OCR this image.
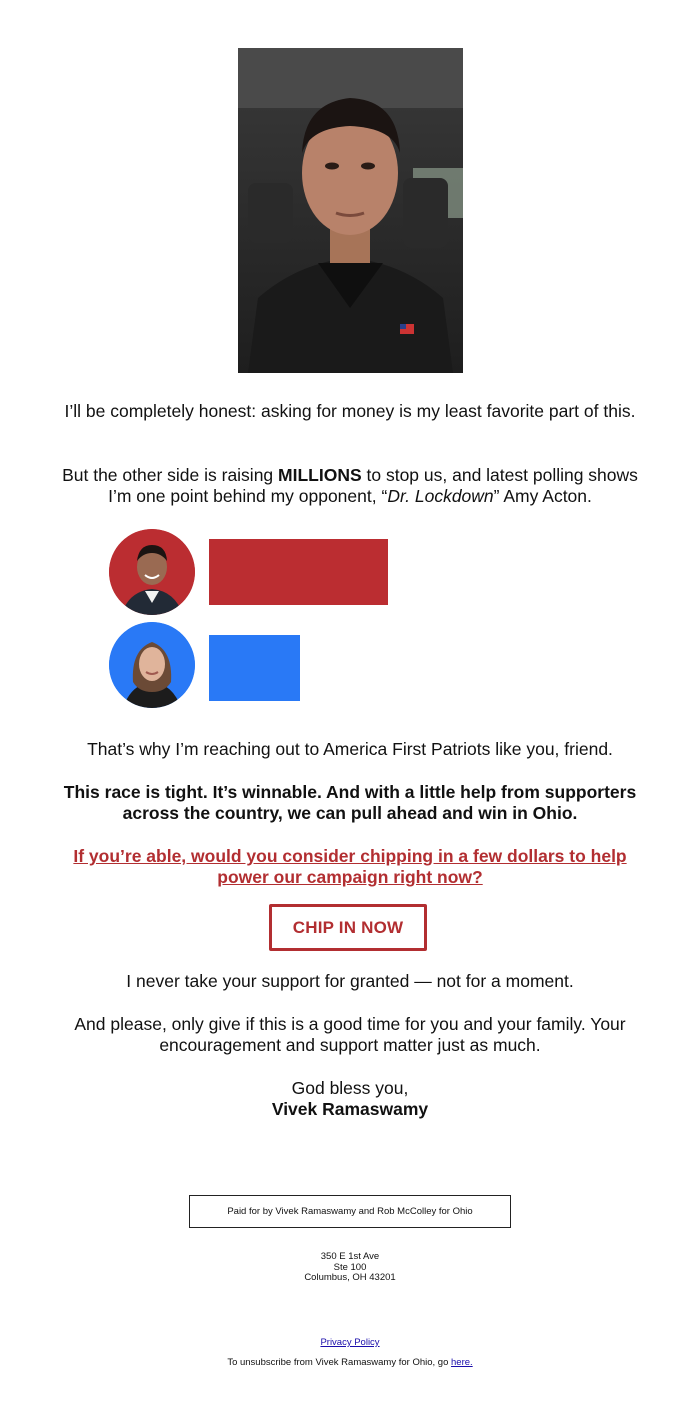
I’ll be completely honest: asking for money is my least favorite part of this.

But the other side is raising MILLIONS to stop us, and latest polling shows I’m one point behind my opponent, “Dr. Lockdown” Amy Acton.

That’s why I’m reaching out to America First Patriots like you, friend.

This race is tight. It’s winnable. And with a little help from supporters across the country, we can pull ahead and win in Ohio.

If you’re able, would you consider chipping in a few dollars to help power our campaign right now?

CHIP IN NOW

I never take your support for granted — not for a moment.

And please, only give if this is a good time for you and your family. Your encouragement and support matter just as much.

God bless you,

Vivek Ramaswamy

Paid for by Vivek Ramaswamy and Rob McColley for Ohio
350 E 1st Ave
Ste 100
Columbus, OH 43201
Privacy Policy
To unsubscribe from Vivek Ramaswamy for Ohio, go here.
